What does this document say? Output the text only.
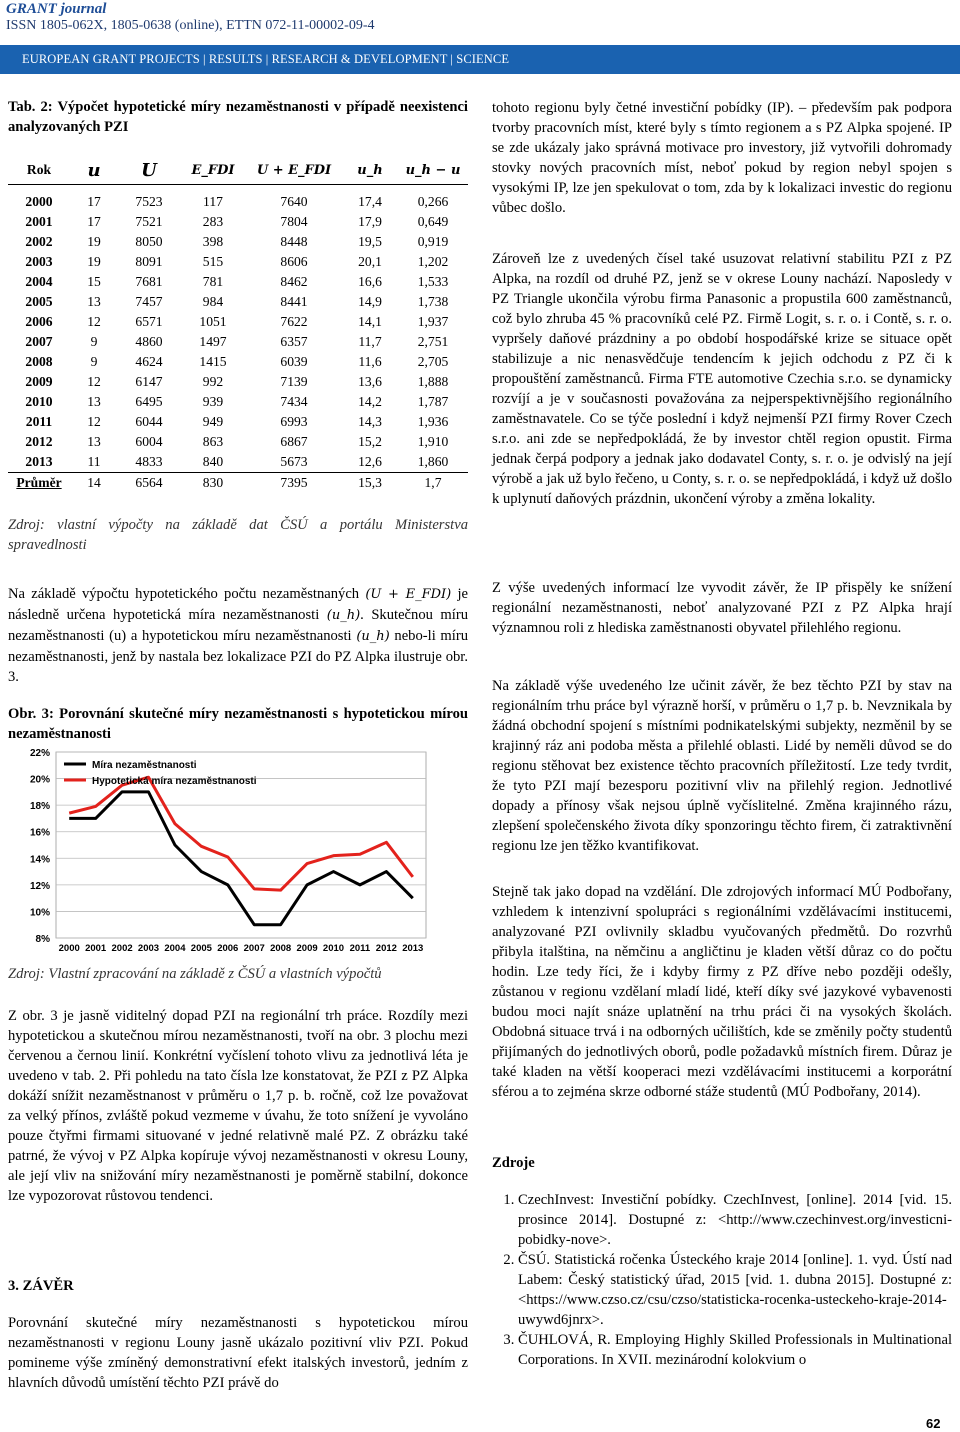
GRANT journal
ISSN 1805-062X, 1805-0638 (online), ETTN 072-11-00002-09-4
EUROPEAN GRANT PROJECTS | RESULTS | RESEARCH & DEVELOPMENT | SCIENCE
Tab. 2: Výpočet hypotetické míry nezaměstnanosti v případě neexistenci analyzovaných PZI
Rok	u	U	E_FDI	U + E_FDI	u_h	u_h − u

2000	17	7523	117	7640	17,4	0,266
2001	17	7521	283	7804	17,9	0,649
2002	19	8050	398	8448	19,5	0,919
2003	19	8091	515	8606	20,1	1,202
2004	15	7681	781	8462	16,6	1,533
2005	13	7457	984	8441	14,9	1,738
2006	12	6571	1051	7622	14,1	1,937
2007	9	4860	1497	6357	11,7	2,751
2008	9	4624	1415	6039	11,6	2,705
2009	12	6147	992	7139	13,6	1,888
2010	13	6495	939	7434	14,2	1,787
2011	12	6044	949	6993	14,3	1,936
2012	13	6004	863	6867	15,2	1,910
2013	11	4833	840	5673	12,6	1,860
Průměr	14	6564	830	7395	15,3	1,7
Zdroj: vlastní výpočty na základě dat ČSÚ a portálu Ministerstva spravedlnosti
Na základě výpočtu hypotetického počtu nezaměstnaných (U + E_FDI) je následně určena hypotetická míra nezaměstnanosti (u_h). Skutečnou míru nezaměstnanosti (u) a hypotetickou míru nezaměstnanosti (u_h) nebo-li míru nezaměstnanosti, jenž by nastala bez lokalizace PZI do PZ Alpka ilustruje obr. 3.
Obr. 3: Porovnání skutečné míry nezaměstnanosti s hypotetickou mírou nezaměstnanosti
8%
10%
12%
14%
16%
18%
20%
22%
2000 2001 2002 2003 2004 2005 2006 2007 2008 2009 2010 2011 2012 2013
Míra nezaměstnanosti
Hypotetická míra nezaměstnanosti
Zdroj: Vlastní zpracování na základě z ČSÚ a vlastních výpočtů
Z obr. 3 je jasně viditelný dopad PZI na regionální trh práce. Rozdíly mezi hypotetickou a skutečnou mírou nezaměstnanosti, tvoří na obr. 3 plochu mezi červenou a černou linií. Konkrétní vyčíslení tohoto vlivu za jednotlivá léta je uvedeno v tab. 2. Při pohledu na tato čísla lze konstatovat, že PZI z PZ Alpka dokáží snížit nezaměstnanost v průměru o 1,7 p. b. ročně, což lze považovat za velký přínos, zvláště pokud vezmeme v úvahu, že toto snížení je vyvoláno pouze čtyřmi firmami situované v jedné relativně malé PZ. Z obrázku také patrné, že vývoj v PZ Alpka kopíruje vývoj nezaměstnanosti v okresu Louny, ale její vliv na snižování míry nezaměstnanosti je poměrně stabilní, dokonce lze vypozorovat růstovou tendenci.
3. ZÁVĚR
Porovnání skutečné míry nezaměstnanosti s hypotetickou mírou nezaměstnanosti v regionu Louny jasně ukázalo pozitivní vliv PZI. Pokud pomineme výše zmíněný demonstrativní efekt italských investorů, jedním z hlavních důvodů umístění těchto PZI právě do
tohoto regionu byly četné investiční pobídky (IP). – především pak podpora tvorby pracovních míst, které byly s tímto regionem a s PZ Alpka spojené. IP se zde ukázaly jako správná motivace pro investory, již vytvořili dohromady stovky nových pracovních míst, neboť pokud by region nebyl spojen s vysokými IP, lze jen spekulovat o tom, zda by k lokalizaci investic do regionu vůbec došlo.
Zároveň lze z uvedených čísel také usuzovat relativní stabilitu PZI z PZ Alpka, na rozdíl od druhé PZ, jenž se v okrese Louny nachází. Naposledy v PZ Triangle ukončila výrobu firma Panasonic a propustila 600 zaměstnanců, což bylo zhruba 45 % pracovníků celé PZ. Firmě Logit, s. r. o. i Contě, s. r. o. vypršely daňové prázdniny a po období hospodářské krize se situace opět stabilizuje a nic nenasvědčuje tendencím k jejich odchodu z PZ či k propouštění zaměstnanců. Firma FTE automotive Czechia s.r.o. se dynamicky rozvíjí a je v současnosti považována za nejperspektivnějšího regionálního zaměstnavatele. Co se týče poslední i když nejmenší PZI firmy Rover Czech s.r.o. ani zde se nepředpokládá, že by investor chtěl region opustit. Firma jednak čerpá podpory a jednak jako dodavatel Conty, s. r. o. je odvislý na její výrobě a jak už bylo řečeno, u Conty, s. r. o. se nepředpokládá, i když už došlo k uplynutí daňových prázdnin, ukončení výroby a změna lokality.
Z výše uvedených informací lze vyvodit závěr, že IP přispěly ke snížení regionální nezaměstnanosti, neboť analyzované PZI z PZ Alpka hrají významnou roli z hlediska zaměstnanosti obyvatel přilehlého regionu.
Na základě výše uvedeného lze učinit závěr, že bez těchto PZI by stav na regionálním trhu práce byl výrazně horší, v průměru o 1,7 p. b. Nevznikala by žádná obchodní spojení s místními podnikatelskými subjekty, nezměnil by se krajinný ráz ani podoba města a přilehlé oblasti. Lidé by neměli důvod se do regionu stěhovat bez existence těchto pracovních příležitostí. Lze tedy tvrdit, že tyto PZI mají bezesporu pozitivní vliv na přilehlý region. Jednotlivé dopady a přínosy však nejsou úplně vyčíslitelné. Změna krajinného rázu, zlepšení společenského života díky sponzoringu těchto firem, či zatraktivnění regionu lze jen těžko kvantifikovat.
Stejně tak jako dopad na vzdělání. Dle zdrojových informací MÚ Podbořany, vzhledem k intenzivní spolupráci s regionálními vzdělávacími institucemi, analyzované PZI ovlivnily skladbu vyučovaných předmětů. Do rozvrhů přibyla italština, na němčinu a angličtinu je kladen větší důraz co do počtu hodin. Lze tedy říci, že i kdyby firmy z PZ dříve nebo později odešly, zůstanou v regionu vzdělaní mladí lidé, kteří díky své jazykové vybavenosti budou moci najít snáze uplatnění na trhu práci či na vysokých školách. Obdobná situace trvá i na odborných učilištích, kde se změnily počty studentů přijímaných do jednotlivých oborů, podle požadavků místních firem. Důraz je také kladen na větší kooperaci mezi vzdělávacími institucemi a korporátní sférou a to zejména skrze odborné stáže studentů (MÚ Podbořany, 2014).
Zdroje
1. CzechInvest: Investiční pobídky. CzechInvest, [online]. 2014 [vid. 15. prosince 2014]. Dostupné z: <http://www.czechinvest.org/investicni-pobidky-nove>.
2. ČSÚ. Statistická ročenka Ústeckého kraje 2014 [online]. 1. vyd. Ústí nad Labem: Český statistický úřad, 2015 [vid. 1. dubna 2015]. Dostupné z: <https://www.czso.cz/csu/czso/statisticka-rocenka-usteckeho-kraje-2014-uwywd6jnrx>.
3. ČUHLOVÁ, R. Employing Highly Skilled Professionals in Multinational Corporations. In XVII. mezinárodní kolokvium o
62
